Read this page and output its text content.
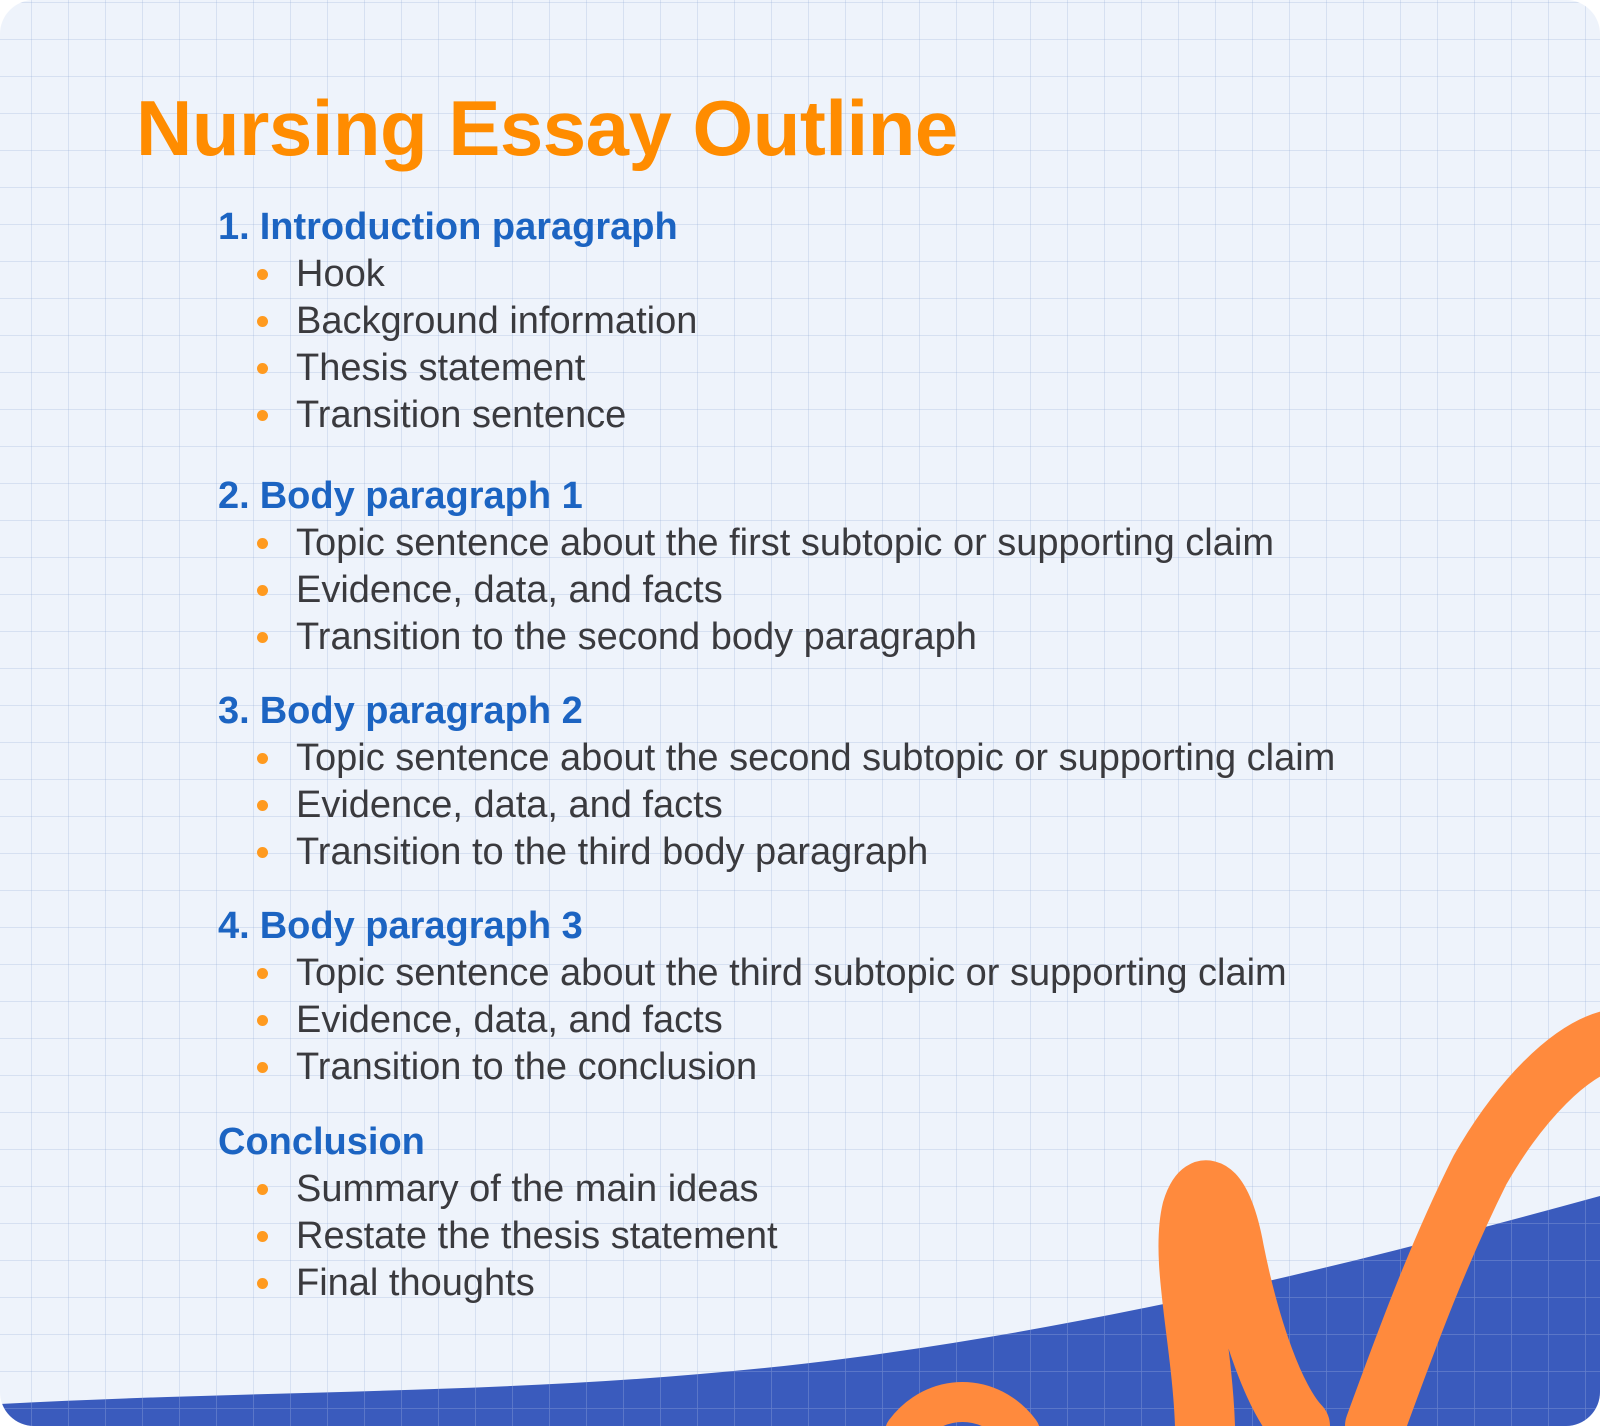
Nursing Essay Outline
1. Introduction paragraph
Hook
Background information
Thesis statement
Transition sentence
2. Body paragraph 1
Topic sentence about the first subtopic or supporting claim
Evidence, data, and facts
Transition to the second body paragraph
3. Body paragraph 2
Topic sentence about the second subtopic or supporting claim
Evidence, data, and facts
Transition to the third body paragraph
4. Body paragraph 3
Topic sentence about the third subtopic or supporting claim
Evidence, data, and facts
Transition to the conclusion
Conclusion
Summary of the main ideas
Restate the thesis statement
Final thoughts
